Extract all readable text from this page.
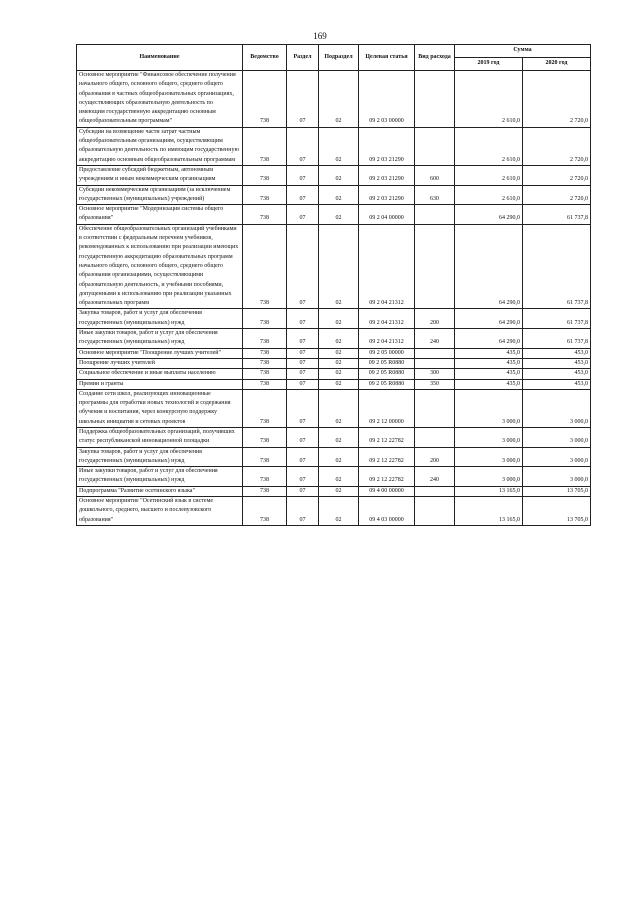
169
Наименование	Ведомство	Раздел	Подраздел	Целевая статья	Вид расхода	Сумма	
						2019 год	2020 год
Основное мероприятие "Финансовое обеспечение получения начального общего, основного общего, среднего общего образования в частных общеобразовательных организациях, осуществляющих образовательную деятельность по имеющим государственную аккредитацию основным общеобразовательным программам"	738	07	02	09 2 03 00000		2 610,0	2 720,0
Субсидии на возмещение части затрат частным общеобразовательным организациям, осуществляющим образовательную деятельность по имеющим государственную аккредитацию основным общеобразовательным программам	738	07	02	09 2 03 21290		2 610,0	2 720,0
Предоставление субсидий бюджетным, автономным учреждениям и иным некоммерческим организациям	738	07	02	09 2 03 21290	600	2 610,0	2 720,0
Субсидии некоммерческим организациям (за исключением государственных (муниципальных) учреждений)	738	07	02	09 2 03 21290	630	2 610,0	2 720,0
Основное мероприятие "Модернизация системы общего образования"	738	07	02	09 2 04 00000		64 290,0	61 737,8
Обеспечение общеобразовательных организаций учебниками в соответствии с федеральным перечнем учебников, рекомендованных к использованию при реализации имеющих государственную аккредитацию образовательных программ начального общего, основного общего, среднего общего образования организациями, осуществляющими образовательную деятельность, и учебными пособиями, допущенными к использованию при реализации указанных образовательных программ	738	07	02	09 2 04 21312		64 290,0	61 737,8
Закупка товаров, работ и услуг для обеспечения государственных (муниципальных) нужд	738	07	02	09 2 04 21312	200	64 290,0	61 737,8
Иные закупки товаров, работ и услуг для обеспечения государственных (муниципальных) нужд	738	07	02	09 2 04 21312	240	64 290,0	61 737,8
Основное мероприятие "Поощрение лучших учителей"	738	07	02	09 2 05 00000		435,0	453,0
Поощрение лучших учителей	738	07	02	09 2 05 R0880		435,0	453,0
Социальное обеспечение и иные выплаты населению	738	07	02	09 2 05 R0880	300	435,0	453,0
Премии и гранты	738	07	02	09 2 05 R0880	350	435,0	453,0
Создание сети школ, реализующих инновационные программы для отработки новых технологий и содержания обучения и воспитания, через конкурсную поддержку школьных инициатив и сетевых проектов	738	07	02	09 2 12 00000		3 000,0	3 000,0
Поддержка общеобразовательных организаций, получивших статус республиканской инновационной площадки	738	07	02	09 2 12 22782		3 000,0	3 000,0
Закупка товаров, работ и услуг для обеспечения государственных (муниципальных) нужд	738	07	02	09 2 12 22782	200	3 000,0	3 000,0
Иные закупки товаров, работ и услуг для обеспечения государственных (муниципальных) нужд	738	07	02	09 2 12 22782	240	3 000,0	3 000,0
Подпрограмма "Развитие осетинского языка"	738	07	02	09 4 00 00000		13 165,0	13 705,0
Основное мероприятие "Осетинский язык в системе дошкольного, среднего, высшего и послевузовского образования"	738	07	02	09 4 03 00000		13 165,0	13 705,0
